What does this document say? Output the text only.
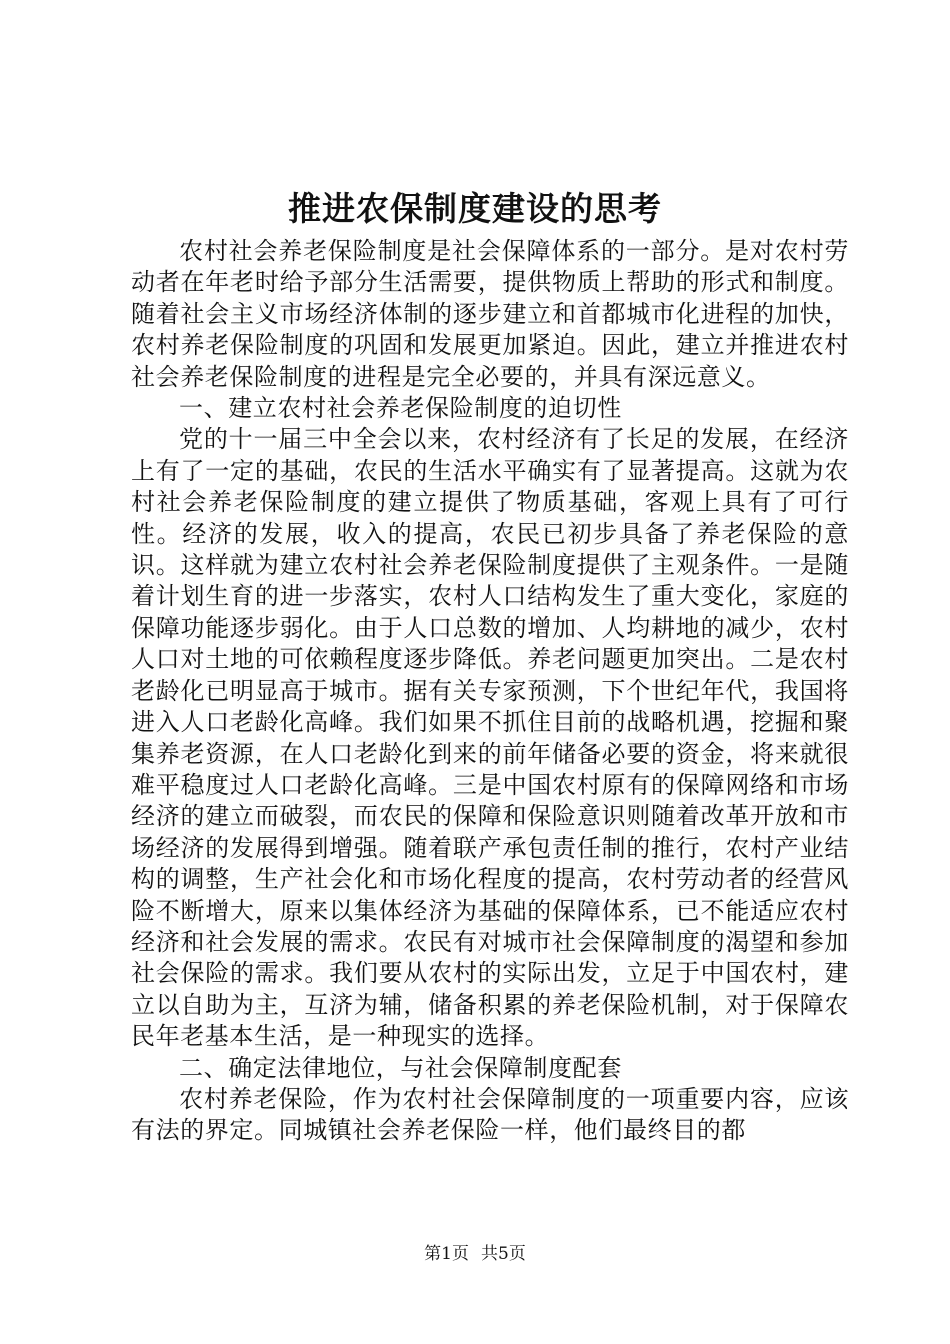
推进农保制度建设的思考

农村社会养老保险制度是社会保障体系的一部分。是对农村劳动者在年老时给予部分生活需要，提供物质上帮助的形式和制度。随着社会主义市场经济体制的逐步建立和首都城市化进程的加快，农村养老保险制度的巩固和发展更加紧迫。因此，建立并推进农村社会养老保险制度的进程是完全必要的，并具有深远意义。

一、建立农村社会养老保险制度的迫切性

党的十一届三中全会以来，农村经济有了长足的发展，在经济上有了一定的基础，农民的生活水平确实有了显著提高。这就为农村社会养老保险制度的建立提供了物质基础，客观上具有了可行性。经济的发展，收入的提高，农民已初步具备了养老保险的意识。这样就为建立农村社会养老保险制度提供了主观条件。一是随着计划生育的进一步落实，农村人口结构发生了重大变化，家庭的保障功能逐步弱化。由于人口总数的增加、人均耕地的减少，农村人口对土地的可依赖程度逐步降低。养老问题更加突出。二是农村老龄化已明显高于城市。据有关专家预测，下个世纪年代，我国将进入人口老龄化高峰。我们如果不抓住目前的战略机遇，挖掘和聚集养老资源，在人口老龄化到来的前年储备必要的资金，将来就很难平稳度过人口老龄化高峰。三是中国农村原有的保障网络和市场经济的建立而破裂，而农民的保障和保险意识则随着改革开放和市场经济的发展得到增强。随着联产承包责任制的推行，农村产业结构的调整，生产社会化和市场化程度的提高，农村劳动者的经营风险不断增大，原来以集体经济为基础的保障体系，已不能适应农村经济和社会发展的需求。农民有对城市社会保障制度的渴望和参加社会保险的需求。我们要从农村的实际出发，立足于中国农村，建立以自助为主，互济为辅，储备积累的养老保险机制，对于保障农民年老基本生活，是一种现实的选择。

二、确定法律地位，与社会保障制度配套

农村养老保险，作为农村社会保障制度的一项重要内容，应该有法的界定。同城镇社会养老保险一样，他们最终目的都

第1页 共5页
